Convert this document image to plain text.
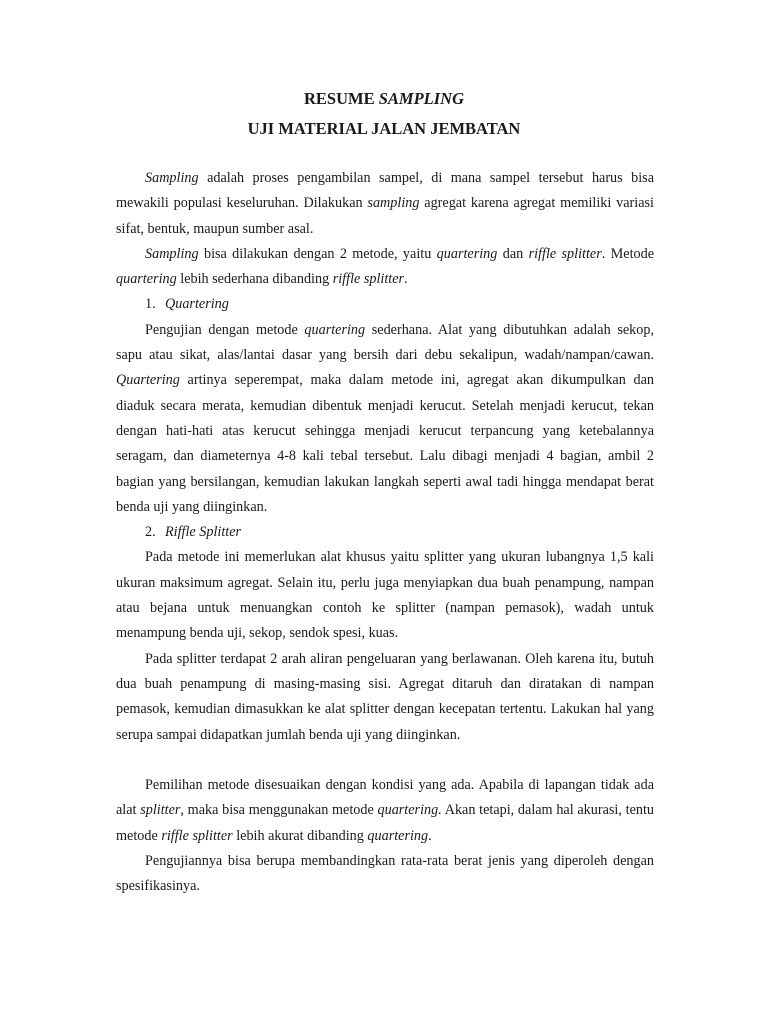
RESUME SAMPLING
UJI MATERIAL JALAN JEMBATAN

Sampling adalah proses pengambilan sampel, di mana sampel tersebut harus bisa mewakili populasi keseluruhan. Dilakukan sampling agregat karena agregat memiliki variasi sifat, bentuk, maupun sumber asal.

Sampling bisa dilakukan dengan 2 metode, yaitu quartering dan riffle splitter. Metode quartering lebih sederhana dibanding riffle splitter.

1. Quartering

Pengujian dengan metode quartering sederhana. Alat yang dibutuhkan adalah sekop, sapu atau sikat, alas/lantai dasar yang bersih dari debu sekalipun, wadah/nampan/cawan. Quartering artinya seperempat, maka dalam metode ini, agregat akan dikumpulkan dan diaduk secara merata, kemudian dibentuk menjadi kerucut. Setelah menjadi kerucut, tekan dengan hati-hati atas kerucut sehingga menjadi kerucut terpancung yang ketebalannya seragam, dan diameternya 4-8 kali tebal tersebut. Lalu dibagi menjadi 4 bagian, ambil 2 bagian yang bersilangan, kemudian lakukan langkah seperti awal tadi hingga mendapat berat benda uji yang diinginkan.

2. Riffle Splitter

Pada metode ini memerlukan alat khusus yaitu splitter yang ukuran lubangnya 1,5 kali ukuran maksimum agregat. Selain itu, perlu juga menyiapkan dua buah penampung, nampan atau bejana untuk menuangkan contoh ke splitter (nampan pemasok), wadah untuk menampung benda uji, sekop, sendok spesi, kuas.

Pada splitter terdapat 2 arah aliran pengeluaran yang berlawanan. Oleh karena itu, butuh dua buah penampung di masing-masing sisi. Agregat ditaruh dan diratakan di nampan pemasok, kemudian dimasukkan ke alat splitter dengan kecepatan tertentu. Lakukan hal yang serupa sampai didapatkan jumlah benda uji yang diinginkan.

Pemilihan metode disesuaikan dengan kondisi yang ada. Apabila di lapangan tidak ada alat splitter, maka bisa menggunakan metode quartering. Akan tetapi, dalam hal akurasi, tentu metode riffle splitter lebih akurat dibanding quartering.

Pengujiannya bisa berupa membandingkan rata-rata berat jenis yang diperoleh dengan spesifikasinya.
